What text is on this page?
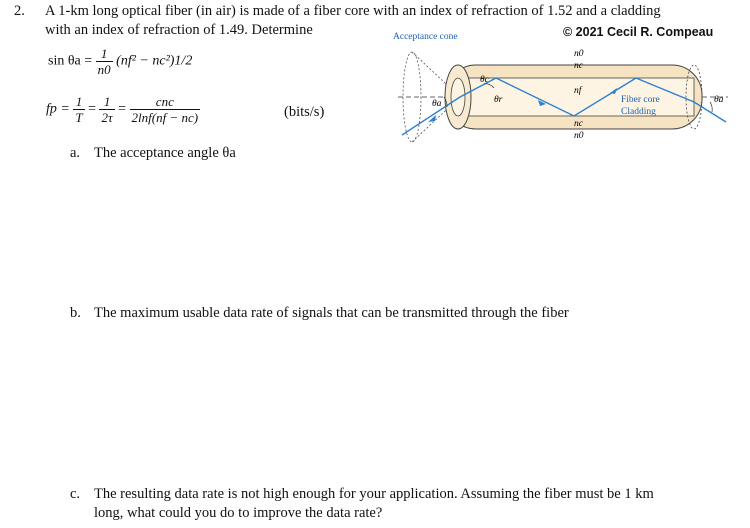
2. A 1-km long optical fiber (in air) is made of a fiber core with an index of refraction of 1.52 and a cladding
with an index of refraction of 1.49. Determine	© 2021 Cecil R. Compeau
$\sin \theta a = \frac{1}{n0} (nf^2 - nc^2)1/2$
fp = $\frac{1}{T} = \frac{1}{2\tau} = \frac{\text{cnc}}{2\ln f(nf - nc)}$	(bits/s)
a. The acceptance angle θa
b. The maximum usable data rate of signals that can be transmitted through the fiber
c. The resulting data rate is not high enough for your application. Assuming the fiber must be 1 km
long, what could you do to improve the data rate?
Acceptance cone
n0
nc
nf
nc
n0
θa
θc
θr	θa
Fiber core
Cladding
